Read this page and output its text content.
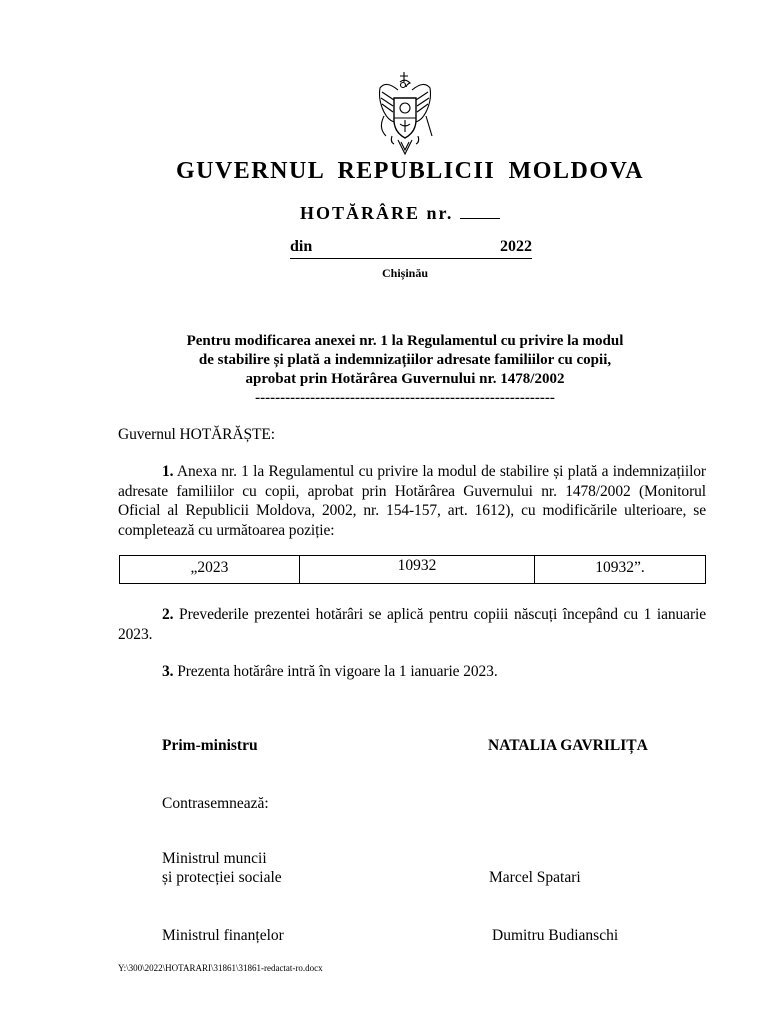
GUVERNUL REPUBLICII MOLDOVA
HOTĂRÂRE nr.
din	2022
Chișinău
Pentru modificarea anexei nr. 1 la Regulamentul cu privire la modul
de stabilire și plată a indemnizațiilor adresate familiilor cu copii,
aprobat prin Hotărârea Guvernului nr. 1478/2002
------------------------------------------------------------
Guvernul HOTĂRĂȘTE:
1. Anexa nr. 1 la Regulamentul cu privire la modul de stabilire și plată a indemnizațiilor adresate familiilor cu copii, aprobat prin Hotărârea Guvernului nr. 1478/2002 (Monitorul Oficial al Republicii Moldova, 2002, nr. 154-157, art. 1612), cu modificările ulterioare, se completează cu următoarea poziție:
„2023	10932	10932”.
2. Prevederile prezentei hotărâri se aplică pentru copiii născuți începând cu 1 ianuarie 2023.
3. Prezenta hotărâre intră în vigoare la 1 ianuarie 2023.
Prim-ministru	NATALIA GAVRILIȚA
Contrasemnează:
Ministrul muncii
și protecției sociale	Marcel Spatari
Ministrul finanțelor	Dumitru Budianschi
Y:\300\2022\HOTARARI\31861\31861-redactat-ro.docx
